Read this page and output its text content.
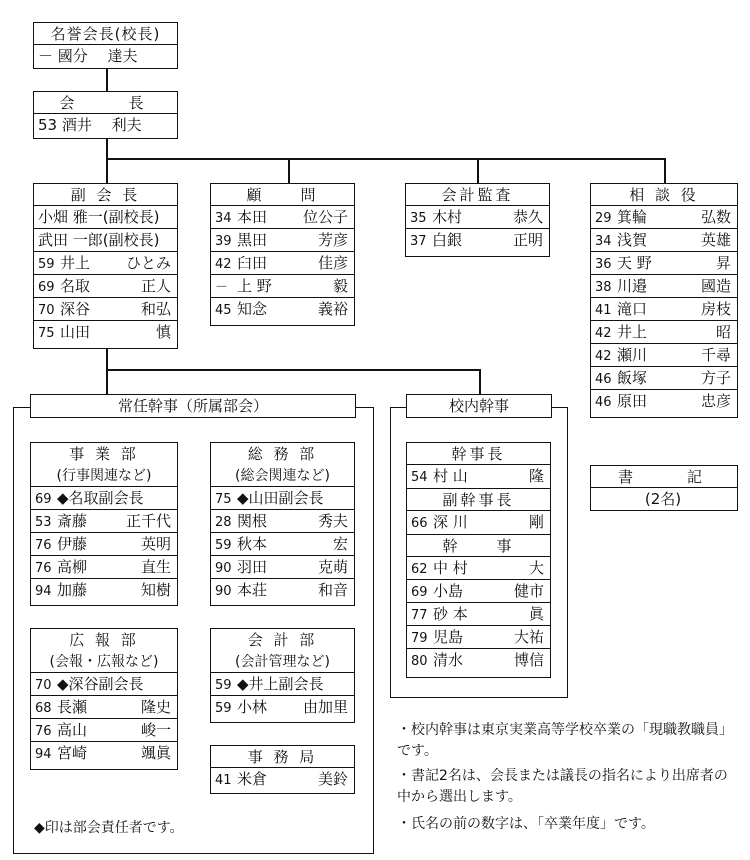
常任幹事（所属部会）	校内幹事
名誉会長(校長)
－ 國分　 達夫
会　　長
53 酒井　 利夫
副 会 長
小畑 雅一(副校長)
武田 一郎(副校長)
59 井上	ひとみ
69 名取	正人
70 深谷	和弘
75 山田	慎
顧　　問
34 本田	位公子
39 黒田	芳彦
42 臼田	佳彦
－ 上 野	毅
45 知念	義裕
会計監査
35 木村	恭久
37 白銀	正明
相 談 役
29 箕輪	弘数
34 浅賀	英雄
36 天 野	昇
38 川邉	國造
41 滝口	房枝
42 井上	昭
42 瀬川	千尋
46 飯塚	方子
46 原田	忠彦
事 業 部
(行事関連など)
69 ◆名取副会長
53 斎藤	正千代
76 伊藤	英明
76 高柳	直生
94 加藤	知樹
総 務 部
(総会関連など)
75 ◆山田副会長
28 関根	秀夫
59 秋本	宏
90 羽田	克萌
90 本荘	和音
広 報 部
(会報・広報など)
70 ◆深谷副会長
68 長瀬	隆史
76 高山	峻一
94 宮崎	颯眞
会 計 部
(会計管理など)
59 ◆井上副会長
59 小林	由加里
事 務 局
41 米倉	美鈴
幹事長
54 村 山	隆
副幹事長
66 深 川	剛
幹　　事
62 中 村	大
69 小島	健市
77 砂 本	眞
79 児島	大祐
80 清水	博信
書　　記
(2名)
◆印は部会責任者です。
・校内幹事は東京実業高等学校卒業の「現職教職員」です。
・書記2名は、会長または議長の指名により出席者の中から選出します。
・氏名の前の数字は、「卒業年度」です。
